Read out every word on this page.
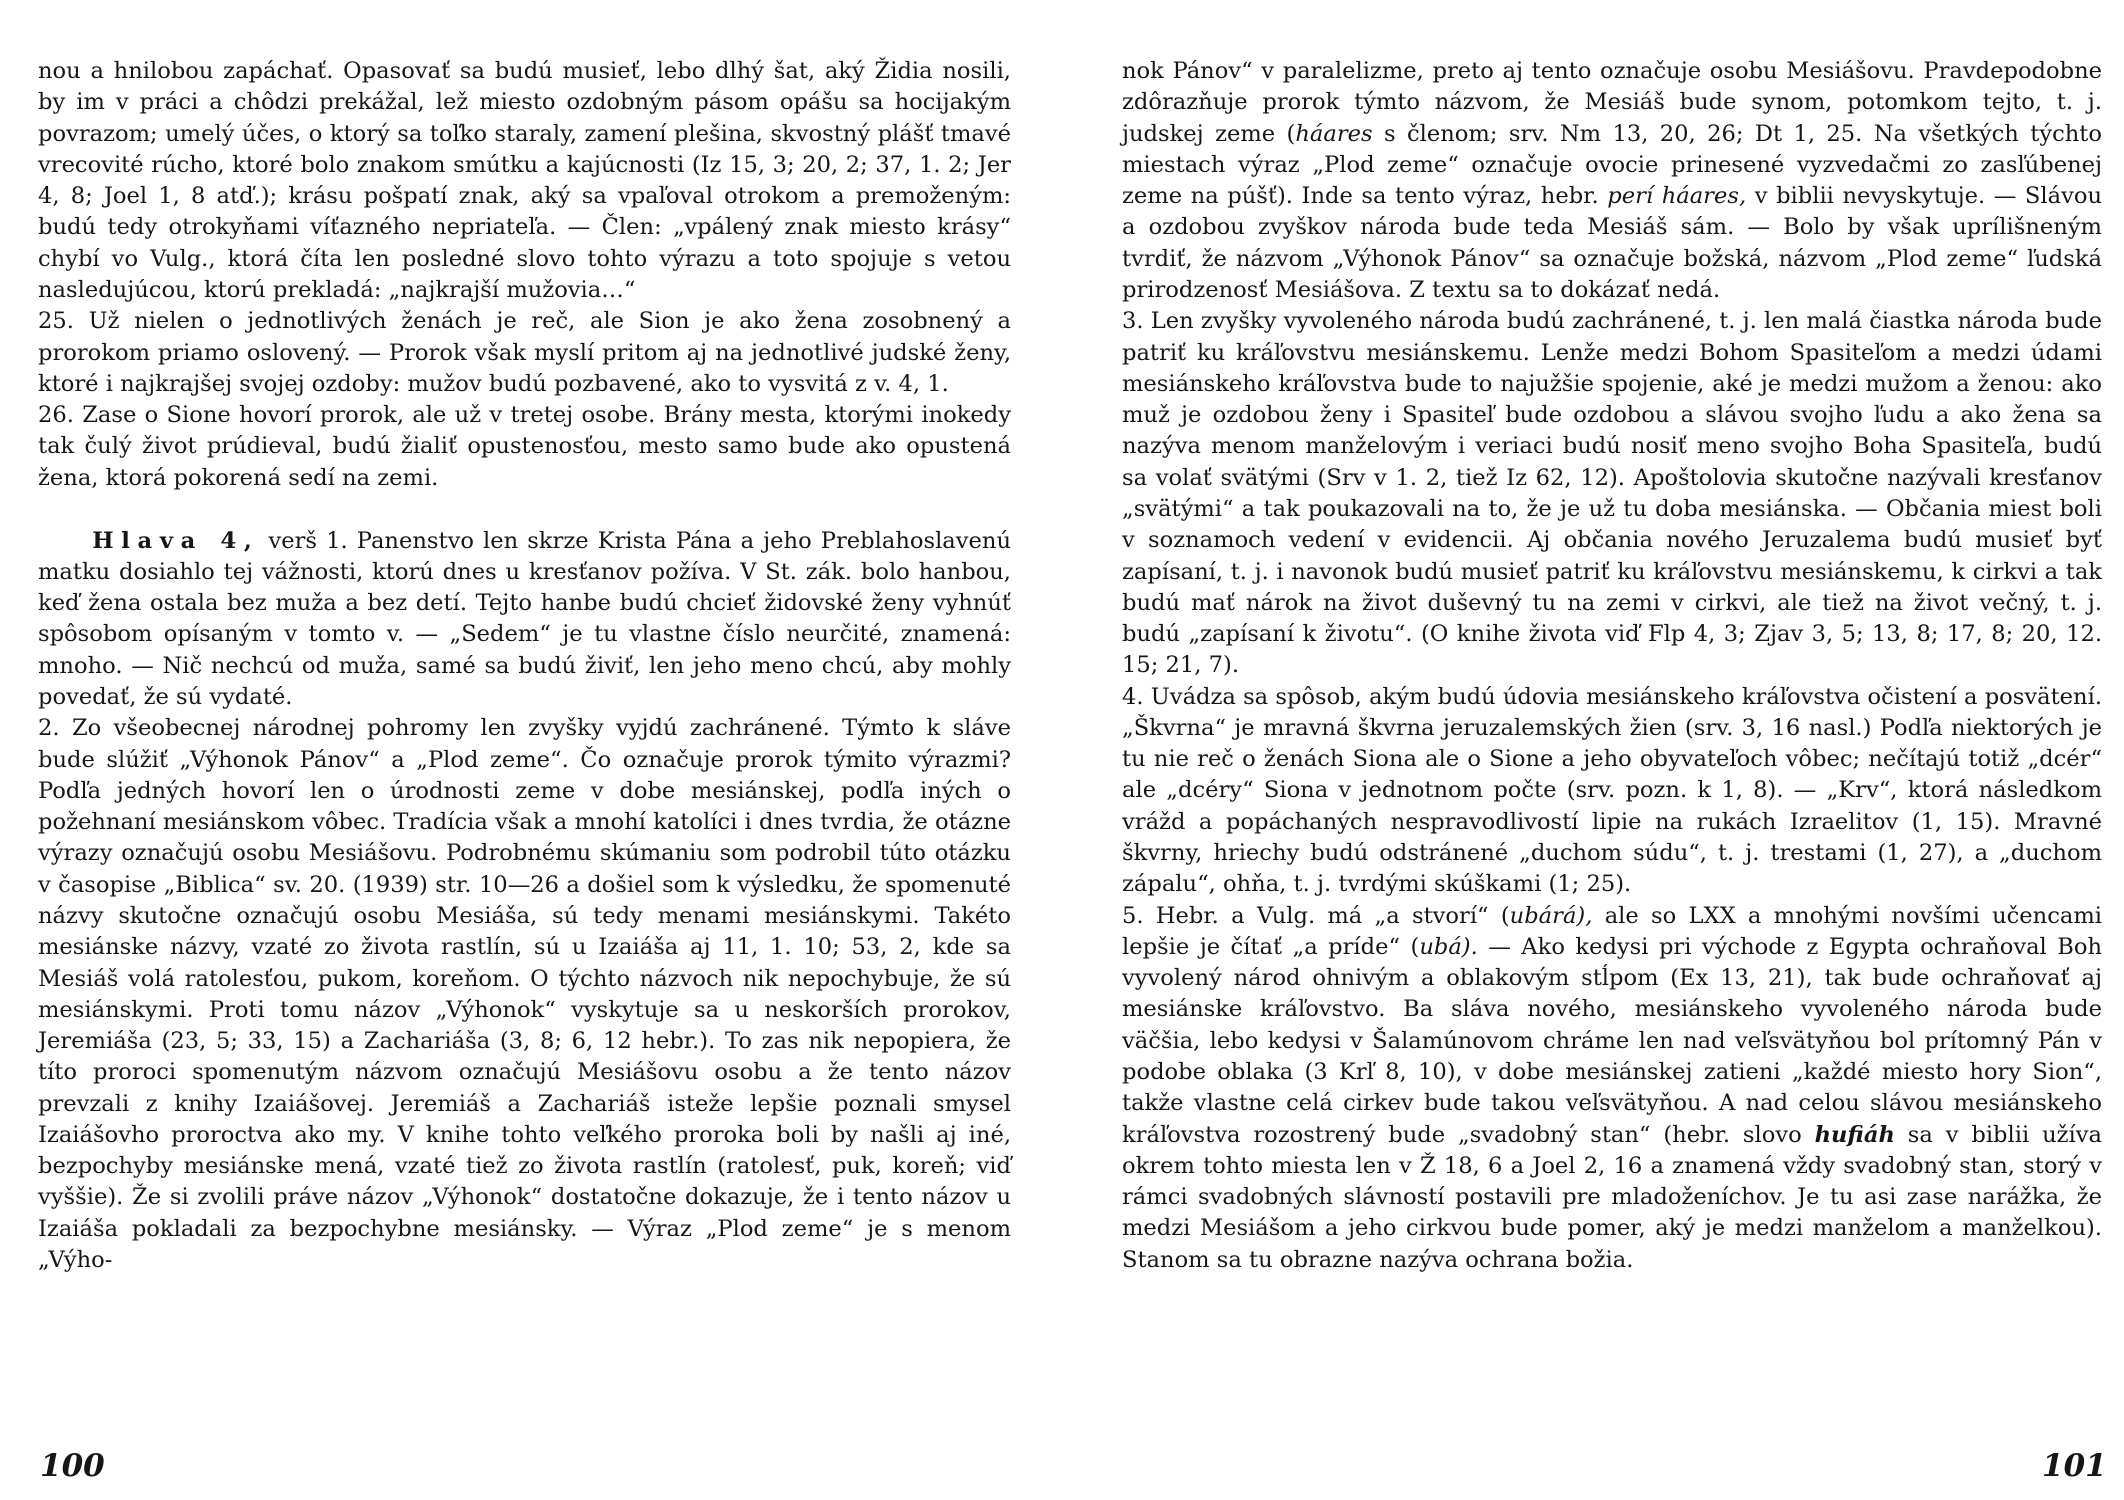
nou a hnilobou zapáchať. Opasovať sa budú musieť, lebo dlhý šat, aký Židia nosili, by im v práci a chôdzi prekážal, lež miesto ozdobným pásom opášu sa hocijakým povrazom; umelý účes, o ktorý sa toľko staraly, zamení plešina, skvostný plášť tmavé vrecovité rúcho, ktoré bolo znakom smútku a kajúcnosti (Iz 15, 3; 20, 2; 37, 1. 2; Jer 4, 8; Joel 1, 8 atď.); krásu pošpatí znak, aký sa vpaľoval otrokom a premoženým: budú tedy otrokyňami víťazného nepriateľa. — Člen: „vpálený znak miesto krásy“ chybí vo Vulg., ktorá číta len posledné slovo tohto výrazu a toto spojuje s vetou nasledujúcou, ktorú prekladá: „najkrajší mužovia…“

25. Už nielen o jednotlivých ženách je reč, ale Sion je ako žena zosobnený a prorokom priamo oslovený. — Prorok však myslí pritom aj na jednotlivé judské ženy, ktoré i najkrajšej svojej ozdoby: mužov budú pozbavené, ako to vysvitá z v. 4, 1.

26. Zase o Sione hovorí prorok, ale už v tretej osobe. Brány mesta, ktorými inokedy tak čulý život prúdieval, budú žialiť opustenosťou, mesto samo bude ako opustená žena, ktorá pokorená sedí na zemi.

Hlava 4, verš 1. Panenstvo len skrze Krista Pána a jeho Preblahoslavenú matku dosiahlo tej vážnosti, ktorú dnes u kresťanov požíva. V St. zák. bolo hanbou, keď žena ostala bez muža a bez detí. Tejto hanbe budú chcieť židovské ženy vyhnúť spôsobom opísaným v tomto v. — „Sedem“ je tu vlastne číslo neurčité, znamená: mnoho. — Nič nechcú od muža, samé sa budú živiť, len jeho meno chcú, aby mohly povedať, že sú vydaté.

2. Zo všeobecnej národnej pohromy len zvyšky vyjdú zachránené. Týmto k sláve bude slúžiť „Výhonok Pánov“ a „Plod zeme“. Čo označuje prorok týmito výrazmi? Podľa jedných hovorí len o úrodnosti zeme v dobe mesiánskej, podľa iných o požehnaní mesiánskom vôbec. Tradícia však a mnohí katolíci i dnes tvrdia, že otázne výrazy označujú osobu Mesiášovu. Podrobnému skúmaniu som podrobil túto otázku v časopise „Biblica“ sv. 20. (1939) str. 10—26 a došiel som k výsledku, že spomenuté názvy skutočne označujú osobu Mesiáša, sú tedy menami mesiánskymi. Takéto mesiánske názvy, vzaté zo života rastlín, sú u Izaiáša aj 11, 1. 10; 53, 2, kde sa Mesiáš volá ratolesťou, pukom, koreňom. O týchto názvoch nik nepochybuje, že sú mesiánskymi. Proti tomu názov „Výhonok“ vyskytuje sa u neskorších prorokov, Jeremiáša (23, 5; 33, 15) a Zachariáša (3, 8; 6, 12 hebr.). To zas nik nepopiera, že títo proroci spomenutým názvom označujú Mesiášovu osobu a že tento názov prevzali z knihy Izaiášovej. Jeremiáš a Zachariáš isteže lepšie poznali smysel Izaiášovho proroctva ako my. V knihe tohto veľkého proroka boli by našli aj iné, bezpochyby mesiánske mená, vzaté tiež zo života rastlín (ratolesť, puk, koreň; viď vyššie). Že si zvolili práve názov „Výhonok“ dostatočne dokazuje, že i tento názov u Izaiáša pokladali za bezpochybne mesiánsky. — Výraz „Plod zeme“ je s menom „Výho-

100

nok Pánov“ v paralelizme, preto aj tento označuje osobu Mesiášovu. Pravdepodobne zdôrazňuje prorok týmto názvom, že Mesiáš bude synom, potomkom tejto, t. j. judskej zeme (háares s členom; srv. Nm 13, 20, 26; Dt 1, 25. Na všetkých týchto miestach výraz „Plod zeme“ označuje ovocie prinesené vyzvedačmi zo zasľúbenej zeme na púšť). Inde sa tento výraz, hebr. perí háares, v biblii nevyskytuje. — Slávou a ozdobou zvyškov národa bude teda Mesiáš sám. — Bolo by však uprílišneným tvrdiť, že názvom „Výhonok Pánov“ sa označuje božská, názvom „Plod zeme“ ľudská prirodzenosť Mesiášova. Z textu sa to dokázať nedá.

3. Len zvyšky vyvoleného národa budú zachránené, t. j. len malá čiastka národa bude patriť ku kráľovstvu mesiánskemu. Lenže medzi Bohom Spasiteľom a medzi údami mesiánskeho kráľovstva bude to najužšie spojenie, aké je medzi mužom a ženou: ako muž je ozdobou ženy i Spasiteľ bude ozdobou a slávou svojho ľudu a ako žena sa nazýva menom manželovým i veriaci budú nosiť meno svojho Boha Spasiteľa, budú sa volať svätými (Srv v 1. 2, tiež Iz 62, 12). Apoštolovia skutočne nazývali kresťanov „svätými“ a tak poukazovali na to, že je už tu doba mesiánska. — Občania miest boli v soznamoch vedení v evidencii. Aj občania nového Jeruzalema budú musieť byť zapísaní, t. j. i navonok budú musieť patriť ku kráľovstvu mesiánskemu, k cirkvi a tak budú mať nárok na život duševný tu na zemi v cirkvi, ale tiež na život večný, t. j. budú „zapísaní k životu“. (O knihe života viď Flp 4, 3; Zjav 3, 5; 13, 8; 17, 8; 20, 12. 15; 21, 7).

4. Uvádza sa spôsob, akým budú údovia mesiánskeho kráľovstva očistení a posvätení. „Škvrna“ je mravná škvrna jeruzalemských žien (srv. 3, 16 nasl.) Podľa niektorých je tu nie reč o ženách Siona ale o Sione a jeho obyvateľoch vôbec; nečítajú totiž „dcér“ ale „dcéry“ Siona v jednotnom počte (srv. pozn. k 1, 8). — „Krv“, ktorá následkom vrážd a popáchaných nespravodlivostí lipie na rukách Izraelitov (1, 15). Mravné škvrny, hriechy budú odstránené „duchom súdu“, t. j. trestami (1, 27), a „duchom zápalu“, ohňa, t. j. tvrdými skúškami (1; 25).

5. Hebr. a Vulg. má „a stvorí“ (ubárá), ale so LXX a mnohými novšími učencami lepšie je čítať „a príde“ (ubá). — Ako kedysi pri východe z Egypta ochraňoval Boh vyvolený národ ohnivým a oblakovým stĺpom (Ex 13, 21), tak bude ochraňovať aj mesiánske kráľovstvo. Ba sláva nového, mesiánskeho vyvoleného národa bude väčšia, lebo kedysi v Šalamúnovom chráme len nad veľsvätyňou bol prítomný Pán v podobe oblaka (3 Krľ 8, 10), v dobe mesiánskej zatieni „každé miesto hory Sion“, takže vlastne celá cirkev bude takou veľsvätyňou. A nad celou slávou mesiánskeho kráľovstva rozostrený bude „svadobný stan“ (hebr. slovo hufiáh sa v biblii užíva okrem tohto miesta len v Ž 18, 6 a Joel 2, 16 a znamená vždy svadobný stan, storý v rámci svadobných slávností postavili pre mladoženíchov. Je tu asi zase narážka, že medzi Mesiášom a jeho cirkvou bude pomer, aký je medzi manželom a manželkou). Stanom sa tu obrazne nazýva ochrana božia.

101
